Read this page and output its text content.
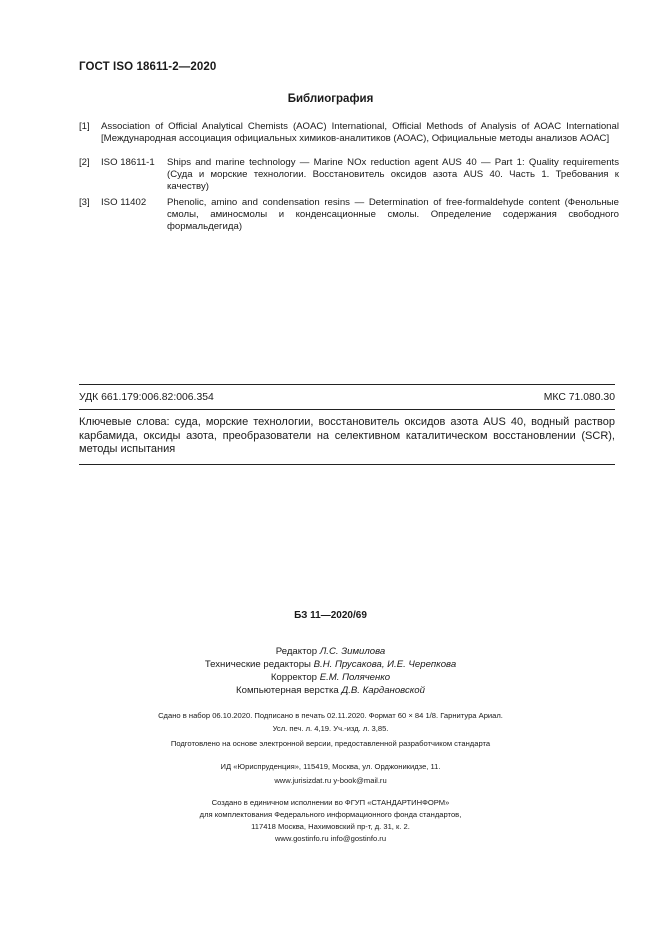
ГОСТ ISO 18611-2—2020
Библиография
[1] Association of Official Analytical Chemists (AOAC) International, Official Methods of Analysis of AOAC International [Международная ассоциация официальных химиков-аналитиков (АОАС), Официальные методы анализов АОАС]
[2] ISO 18611-1 Ships and marine technology — Marine NOx reduction agent AUS 40 — Part 1: Quality requirements (Суда и морские технологии. Восстановитель оксидов азота AUS 40. Часть 1. Требования к качеству)
[3] ISO 11402 Phenolic, amino and condensation resins — Determination of free-formaldehyde content (Фенольные смолы, аминосмолы и конденсационные смолы. Определение содержания свободного формальдегида)
УДК 661.179:006.82:006.354	МКС 71.080.30
Ключевые слова: суда, морские технологии, восстановитель оксидов азота AUS 40, водный раствор карбамида, оксиды азота, преобразователи на селективном каталитическом восстановлении (SCR), методы испытания
БЗ 11—2020/69
Редактор Л.С. Зимилова
Технические редакторы В.Н. Прусакова, И.Е. Черепкова
Корректор Е.М. Поляченко
Компьютерная верстка Д.В. Кардановской
Сдано в набор 06.10.2020. Подписано в печать 02.11.2020. Формат 60 × 84 1/8. Гарнитура Ариал.
Усл. печ. л. 4,19. Уч.-изд. л. 3,85.
Подготовлено на основе электронной версии, предоставленной разработчиком стандарта
ИД «Юриспруденция», 115419, Москва, ул. Орджоникидзе, 11.
www.jurisizdat.ru y-book@mail.ru
Создано в единичном исполнении во ФГУП «СТАНДАРТИНФОРМ»
для комплектования Федерального информационного фонда стандартов,
117418 Москва, Нахимовский пр-т, д. 31, к. 2.
www.gostinfo.ru info@gostinfo.ru
